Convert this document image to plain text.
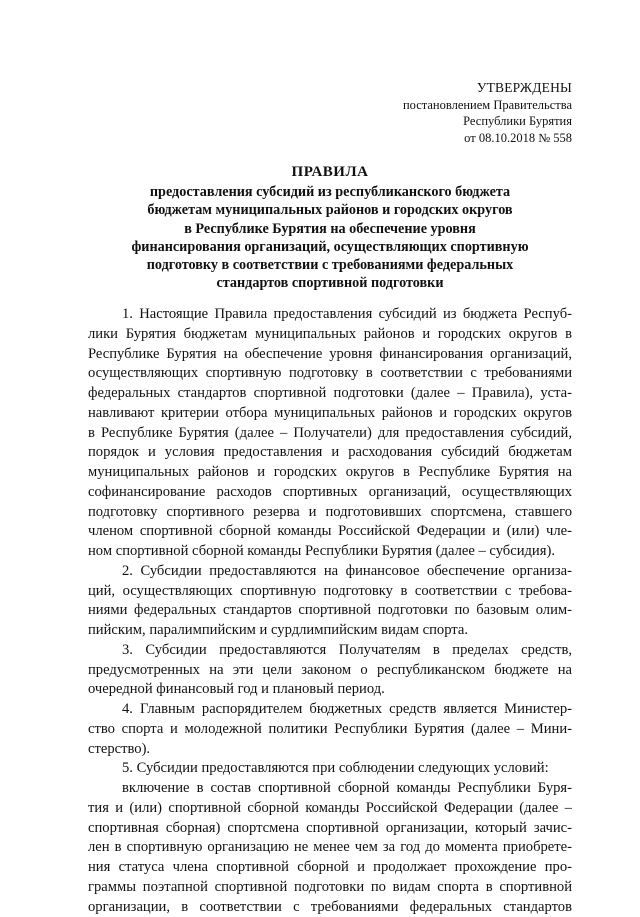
УТВЕРЖДЕНЫ
постановлением Правительства
Республики Бурятия
от 08.10.2018 № 558
ПРАВИЛА
предоставления субсидий из республиканского бюджета
бюджетам муниципальных районов и городских округов
в Республике Бурятия на обеспечение уровня
финансирования организаций, осуществляющих спортивную
подготовку в соответствии с требованиями федеральных
стандартов спортивной подготовки
1. Настоящие Правила предоставления субсидий из бюджета Респуб-
лики Бурятия бюджетам муниципальных районов и городских округов в
Республике Бурятия на обеспечение уровня финансирования организаций,
осуществляющих спортивную подготовку в соответствии с требованиями
федеральных стандартов спортивной подготовки (далее – Правила), уста-
навливают критерии отбора муниципальных районов и городских округов
в Республике Бурятия (далее – Получатели) для предоставления субсидий,
порядок и условия предоставления и расходования субсидий бюджетам
муниципальных районов и городских округов в Республике Бурятия на
софинансирование расходов спортивных организаций, осуществляющих
подготовку спортивного резерва и подготовивших спортсмена, ставшего
членом спортивной сборной команды Российской Федерации и (или) чле-
ном спортивной сборной команды Республики Бурятия (далее – субсидия).
2. Субсидии предоставляются на финансовое обеспечение организа-
ций, осуществляющих спортивную подготовку в соответствии с требова-
ниями федеральных стандартов спортивной подготовки по базовым олим-
пийским, паралимпийским и сурдлимпийским видам спорта.
3. Субсидии предоставляются Получателям в пределах средств,
предусмотренных на эти цели законом о республиканском бюджете на
очередной финансовый год и плановый период.
4. Главным распорядителем бюджетных средств является Министер-
ство спорта и молодежной политики Республики Бурятия (далее – Мини-
стерство).
5. Субсидии предоставляются при соблюдении следующих условий:
включение в состав спортивной сборной команды Республики Буря-
тия и (или) спортивной сборной команды Российской Федерации (далее –
спортивная сборная) спортсмена спортивной организации, который зачис-
лен в спортивную организацию не менее чем за год до момента приобрете-
ния статуса члена спортивной сборной и продолжает прохождение про-
граммы поэтапной спортивной подготовки по видам спорта в спортивной
организации, в соответствии с требованиями федеральных стандартов
